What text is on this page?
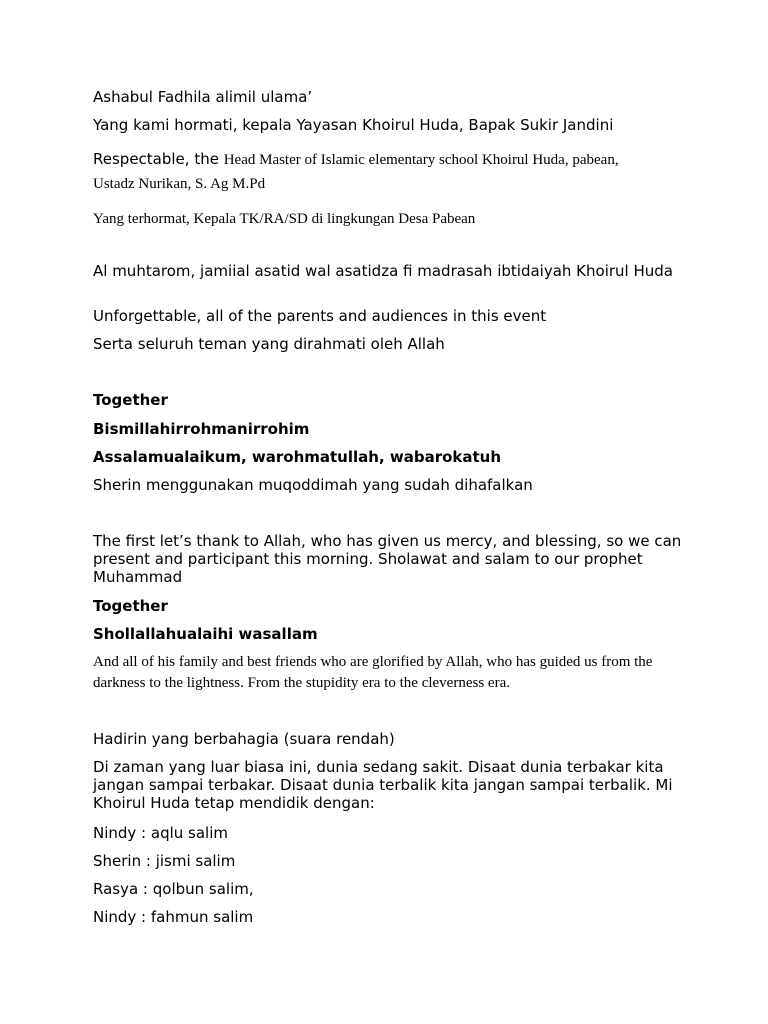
Ashabul Fadhila alimil ulama’

Yang kami hormati, kepala Yayasan Khoirul Huda, Bapak Sukir Jandini

Respectable, the Head Master of Islamic elementary school Khoirul Huda, pabean,

Ustadz Nurikan, S. Ag M.Pd

Yang terhormat, Kepala TK/RA/SD di lingkungan Desa Pabean

Al muhtarom, jamiial asatid wal asatidza fi madrasah ibtidaiyah Khoirul Huda

Unforgettable, all of the parents and audiences in this event

Serta seluruh teman yang dirahmati oleh Allah

Together

Bismillahirrohmanirrohim

Assalamualaikum, warohmatullah, wabarokatuh

Sherin menggunakan muqoddimah yang sudah dihafalkan

The first let’s thank to Allah, who has given us mercy, and blessing, so we can present and participant this morning. Sholawat and salam to our prophet Muhammad

Together

Shollallahualaihi wasallam

And all of his family and best friends who are glorified by Allah, who has guided us from the darkness to the lightness. From the stupidity era to the cleverness era.

Hadirin yang berbahagia (suara rendah)

Di zaman yang luar biasa ini, dunia sedang sakit. Disaat dunia terbakar kita jangan sampai terbakar. Disaat dunia terbalik kita jangan sampai terbalik. Mi Khoirul Huda tetap mendidik dengan:

Nindy : aqlu salim

Sherin : jismi salim

Rasya : qolbun salim,

Nindy : fahmun salim
